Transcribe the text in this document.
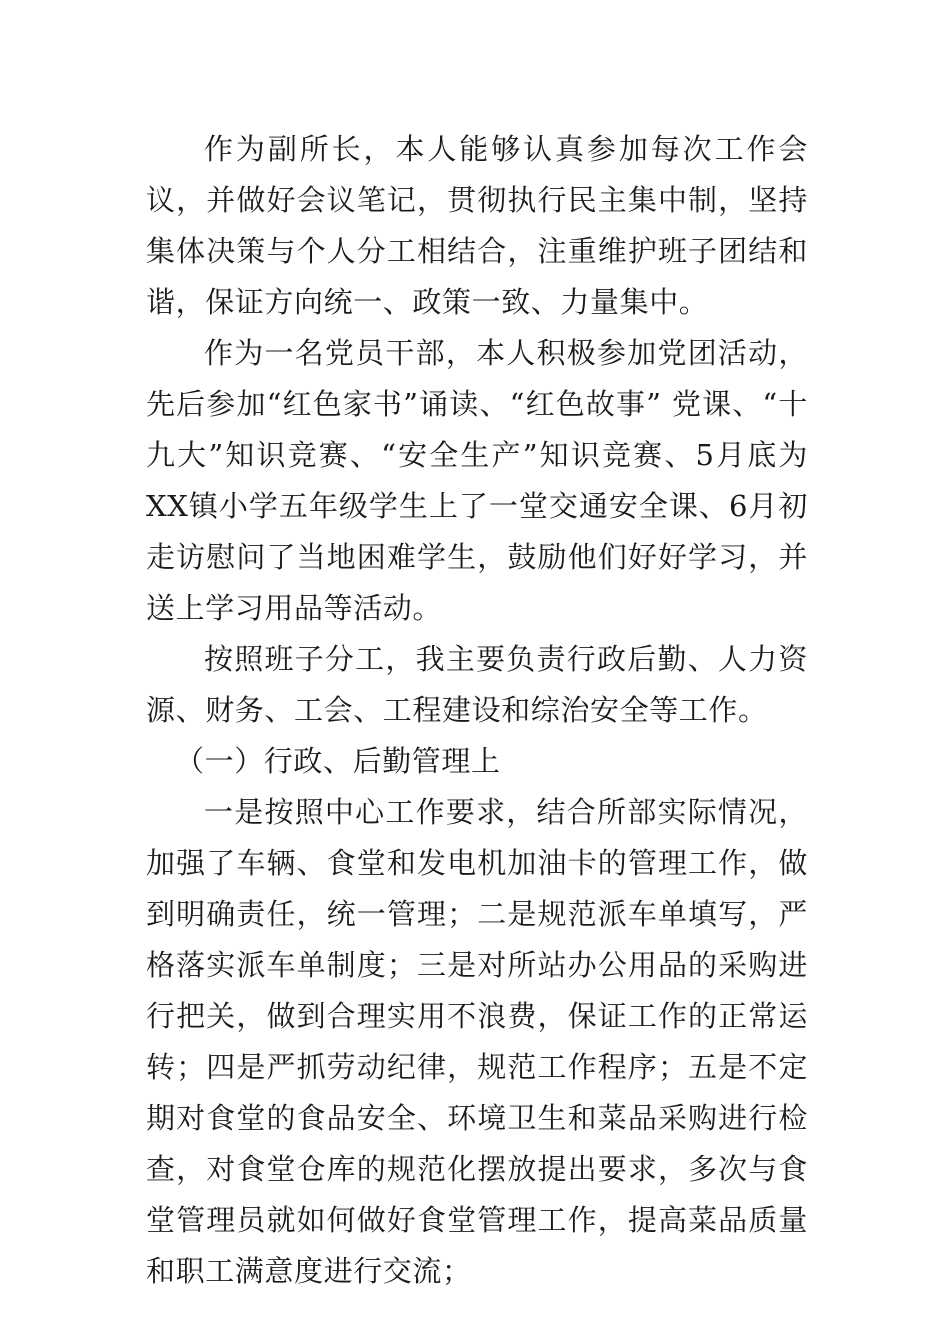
作为副所长，本人能够认真参加每次工作会议，并做好会议笔记，贯彻执行民主集中制，坚持集体决策与个人分工相结合，注重维护班子团结和谐，保证方向统一、政策一致、力量集中。

作为一名党员干部，本人积极参加党团活动，先后参加“红色家书”诵读、“红色故事” 党课、“十九大”知识竞赛、“安全生产”知识竞赛、5月底为XX镇小学五年级学生上了一堂交通安全课、6月初走访慰问了当地困难学生，鼓励他们好好学习，并送上学习用品等活动。

按照班子分工，我主要负责行政后勤、人力资源、财务、工会、工程建设和综治安全等工作。

（一）行政、后勤管理上

一是按照中心工作要求，结合所部实际情况，加强了车辆、食堂和发电机加油卡的管理工作，做到明确责任，统一管理；二是规范派车单填写，严格落实派车单制度；三是对所站办公用品的采购进行把关，做到合理实用不浪费，保证工作的正常运转；四是严抓劳动纪律，规范工作程序；五是不定期对食堂的食品安全、环境卫生和菜品采购进行检查，对食堂仓库的规范化摆放提出要求，多次与食堂管理员就如何做好食堂管理工作，提高菜品质量和职工满意度进行交流；
